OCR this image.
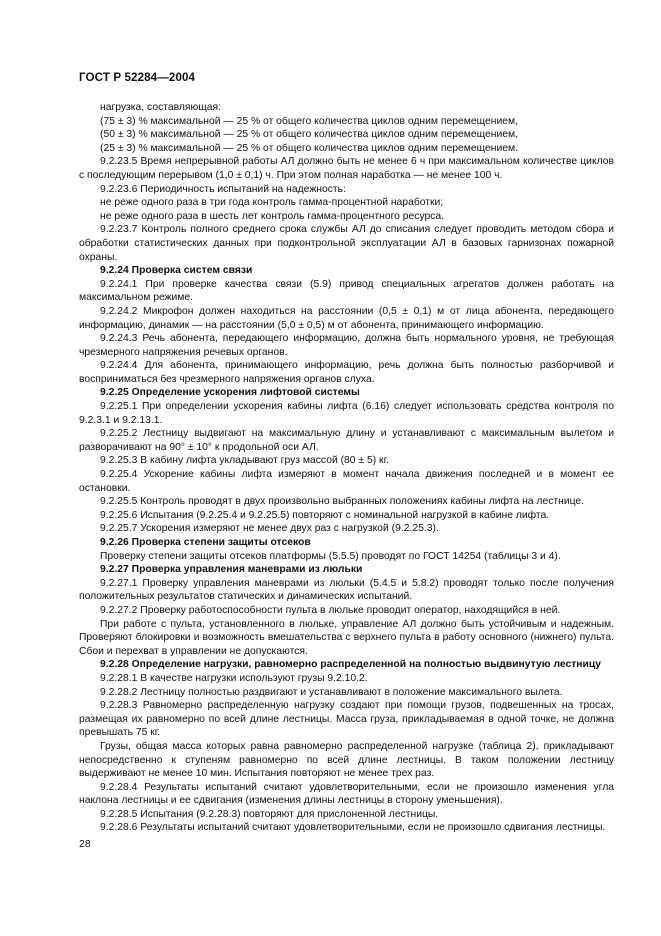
ГОСТ Р 52284—2004

нагрузка, составляющая:

(75 ± 3) % максимальной — 25 % от общего количества циклов одним перемещением,

(50 ± 3) % максимальной — 25 % от общего количества циклов одним перемещением,

(25 ± 3) % максимальной — 25 % от общего количества циклов одним перемещением.

9.2.23.5 Время непрерывной работы АЛ должно быть не менее 6 ч при максимальном количестве циклов с последующим перерывом (1,0 ± 0,1) ч. При этом полная наработка — не менее 100 ч.

9.2.23.6 Периодичность испытаний на надежность:

не реже одного раза в три года контроль гамма-процентной наработки;

не реже одного раза в шесть лет контроль гамма-процентного ресурса.

9.2.23.7 Контроль полного среднего срока службы АЛ до списания следует проводить методом сбора и обработки статистических данных при подконтрольной эксплуатации АЛ в базовых гарнизонах пожарной охраны.

9.2.24 Проверка систем связи

9.2.24.1 При проверке качества связи (5.9) привод специальных агрегатов должен работать на максимальном режиме.

9.2.24.2 Микрофон должен находиться на расстоянии (0,5 ± 0,1) м от лица абонента, передающего информацию, динамик — на расстоянии (5,0 ± 0,5) м от абонента, принимающего информацию.

9.2.24.3 Речь абонента, передающего информацию, должна быть нормального уровня, не требующая чрезмерного напряжения речевых органов.

9.2.24.4 Для абонента, принимающего информацию, речь должна быть полностью разборчивой и восприниматься без чрезмерного напряжения органов слуха.

9.2.25 Определение ускорения лифтовой системы

9.2.25.1 При определении ускорения кабины лифта (6.16) следует использовать средства контроля по 9.2.3.1 и 9.2.13.1.

9.2.25.2 Лестницу выдвигают на максимальную длину и устанавливают с максимальным вылетом и разворачивают на 90° ± 10° к продольной оси АЛ.

9.2.25.3 В кабину лифта укладывают груз массой (80 ± 5) кг.

9.2.25.4 Ускорение кабины лифта измеряют в момент начала движения последней и в момент ее остановки.

9.2.25.5 Контроль проводят в двух произвольно выбранных положениях кабины лифта на лестнице.

9.2.25.6 Испытания (9.2.25.4 и 9.2.25.5) повторяют с номинальной нагрузкой в кабине лифта.

9.2.25.7 Ускорения измеряют не менее двух раз с нагрузкой (9.2.25.3).

9.2.26 Проверка степени защиты отсеков

Проверку степени защиты отсеков платформы (5.5.5) проводят по ГОСТ 14254 (таблицы 3 и 4).

9.2.27 Проверка управления маневрами из люльки

9.2.27.1 Проверку управления маневрами из люльки (5.4.5 и 5.8.2) проводят только после получения положительных результатов статических и динамических испытаний.

9.2.27.2 Проверку работоспособности пульта в люльке проводит оператор, находящийся в ней.

При работе с пульта, установленного в люльке, управление АЛ должно быть устойчивым и надежным. Проверяют блокировки и возможность вмешательства с верхнего пульта в работу основного (нижнего) пульта. Сбои и перехват в управлении не допускаются.

9.2.28 Определение нагрузки, равномерно распределенной на полностью выдвинутую лестницу

9.2.28.1 В качестве нагрузки используют грузы 9.2.10.2.

9.2.28.2 Лестницу полностью раздвигают и устанавливают в положение максимального вылета.

9.2.28.3 Равномерно распределенную нагрузку создают при помощи грузов, подвешенных на тросах, размещая их равномерно по всей длине лестницы. Масса груза, прикладываемая в одной точке, не должна превышать 75 кг.

Грузы, общая масса которых равна равномерно распределенной нагрузке (таблица 2), прикладывают непосредственно к ступеням равномерно по всей длине лестницы. В таком положении лестницу выдерживают не менее 10 мин. Испытания повторяют не менее трех раз.

9.2.28.4 Результаты испытаний считают удовлетворительными, если не произошло изменения угла наклона лестницы и ее сдвигания (изменения длины лестницы в сторону уменьшения).

9.2.28.5 Испытания (9.2.28.3) повторяют для прислоненной лестницы.

9.2.28.6 Результаты испытаний считают удовлетворительными, если не произошло сдвигания лестницы.

28
